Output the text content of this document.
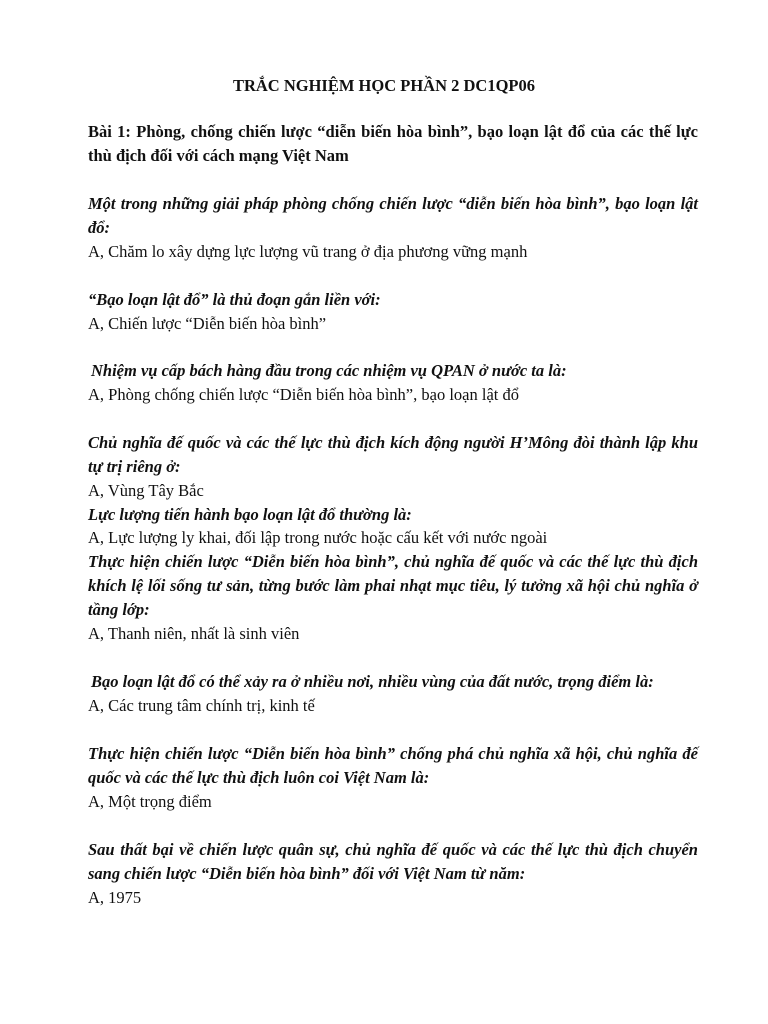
TRẮC NGHIỆM HỌC PHẦN 2 DC1QP06
Bài 1: Phòng, chống chiến lược “diễn biến hòa bình”, bạo loạn lật đổ của các thế lực thù địch đối với cách mạng Việt Nam
Một trong những giải pháp phòng chống chiến lược “diễn biến hòa bình”, bạo loạn lật đổ:
A, Chăm lo xây dựng lực lượng vũ trang ở địa phương vững mạnh
“Bạo loạn lật đổ” là thủ đoạn gắn liền với:
A, Chiến lược “Diễn biến hòa bình”
Nhiệm vụ cấp bách hàng đầu trong các nhiệm vụ QPAN ở nước ta là:
A, Phòng chống chiến lược “Diễn biến hòa bình”, bạo loạn lật đổ
Chủ nghĩa đế quốc và các thế lực thù địch kích động người H’Mông đòi thành lập khu tự trị riêng ở:
A, Vùng Tây Bắc
Lực lượng tiến hành bạo loạn lật đổ thường là:
A, Lực lượng ly khai, đối lập trong nước hoặc cấu kết với nước ngoài
Thực hiện chiến lược “Diễn biến hòa bình”, chủ nghĩa đế quốc và các thế lực thù địch khích lệ lối sống tư sản, từng bước làm phai nhạt mục tiêu, lý tưởng xã hội chủ nghĩa ở tầng lớp:
A, Thanh niên, nhất là sinh viên
Bạo loạn lật đổ có thể xảy ra ở nhiều nơi, nhiều vùng của đất nước, trọng điểm là:
A, Các trung tâm chính trị, kinh tế
Thực hiện chiến lược “Diễn biến hòa bình” chống phá chủ nghĩa xã hội, chủ nghĩa đế quốc và các thế lực thù địch luôn coi Việt Nam là:
A, Một trọng điểm
Sau thất bại về chiến lược quân sự, chủ nghĩa đế quốc và các thế lực thù địch chuyển sang chiến lược “Diễn biến hòa bình” đối với Việt Nam từ năm:
A, 1975
